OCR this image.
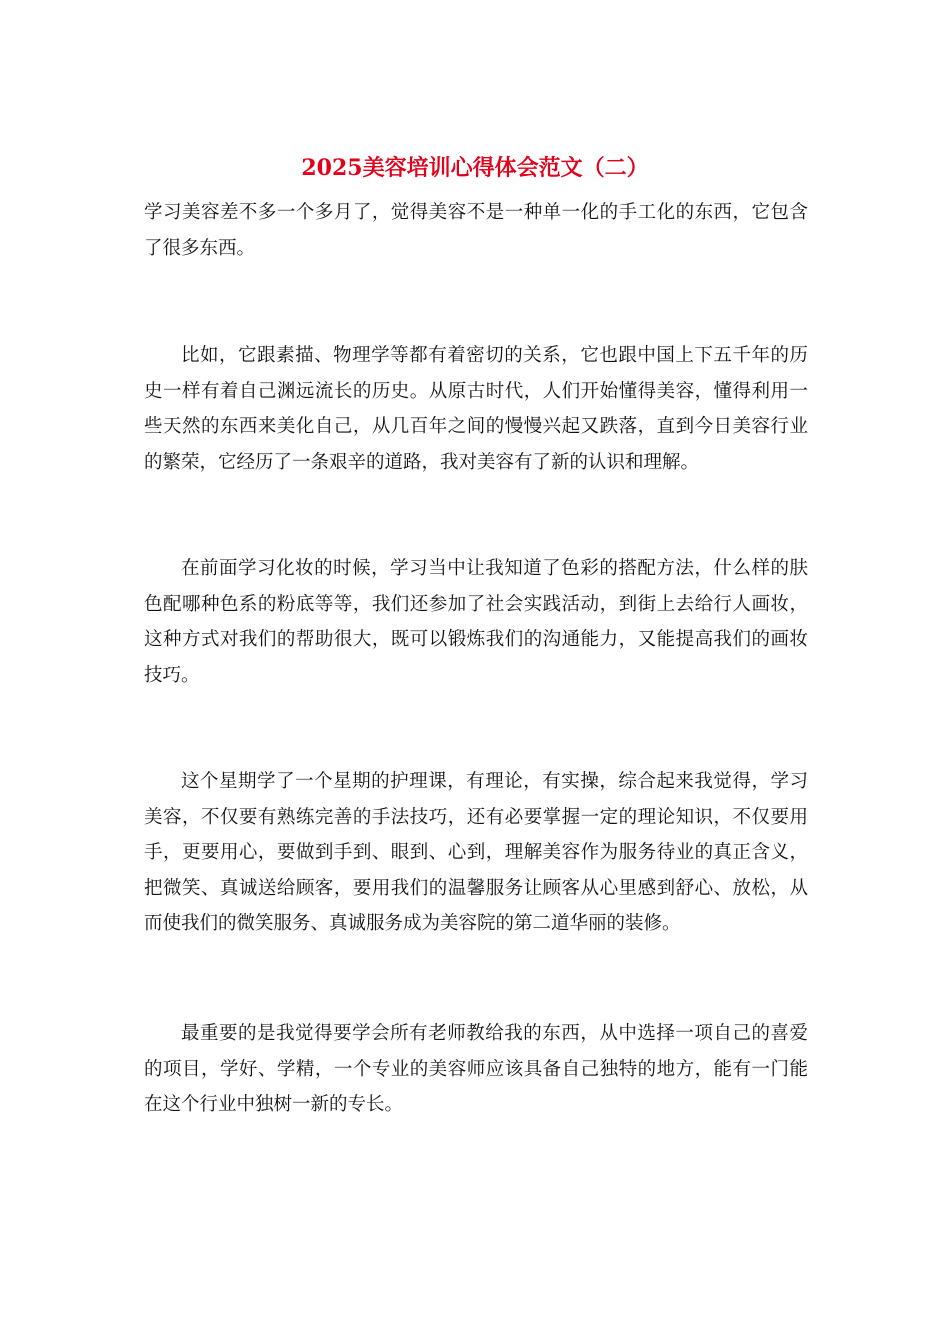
2025美容培训心得体会范文（二）

学习美容差不多一个多月了，觉得美容不是一种单一化的手工化的东西，它包含了很多东西。

比如，它跟素描、物理学等都有着密切的关系，它也跟中国上下五千年的历史一样有着自己渊远流长的历史。从原古时代，人们开始懂得美容，懂得利用一些天然的东西来美化自己，从几百年之间的慢慢兴起又跌落，直到今日美容行业的繁荣，它经历了一条艰辛的道路，我对美容有了新的认识和理解。

在前面学习化妆的时候，学习当中让我知道了色彩的搭配方法，什么样的肤色配哪种色系的粉底等等，我们还参加了社会实践活动，到街上去给行人画妆，这种方式对我们的帮助很大，既可以锻炼我们的沟通能力，又能提高我们的画妆技巧。

这个星期学了一个星期的护理课，有理论，有实操，综合起来我觉得，学习美容，不仅要有熟练完善的手法技巧，还有必要掌握一定的理论知识，不仅要用手，更要用心，要做到手到、眼到、心到，理解美容作为服务待业的真正含义，把微笑、真诚送给顾客，要用我们的温馨服务让顾客从心里感到舒心、放松，从而使我们的微笑服务、真诚服务成为美容院的第二道华丽的装修。

最重要的是我觉得要学会所有老师教给我的东西，从中选择一项自己的喜爱的项目，学好、学精，一个专业的美容师应该具备自己独特的地方，能有一门能在这个行业中独树一新的专长。
